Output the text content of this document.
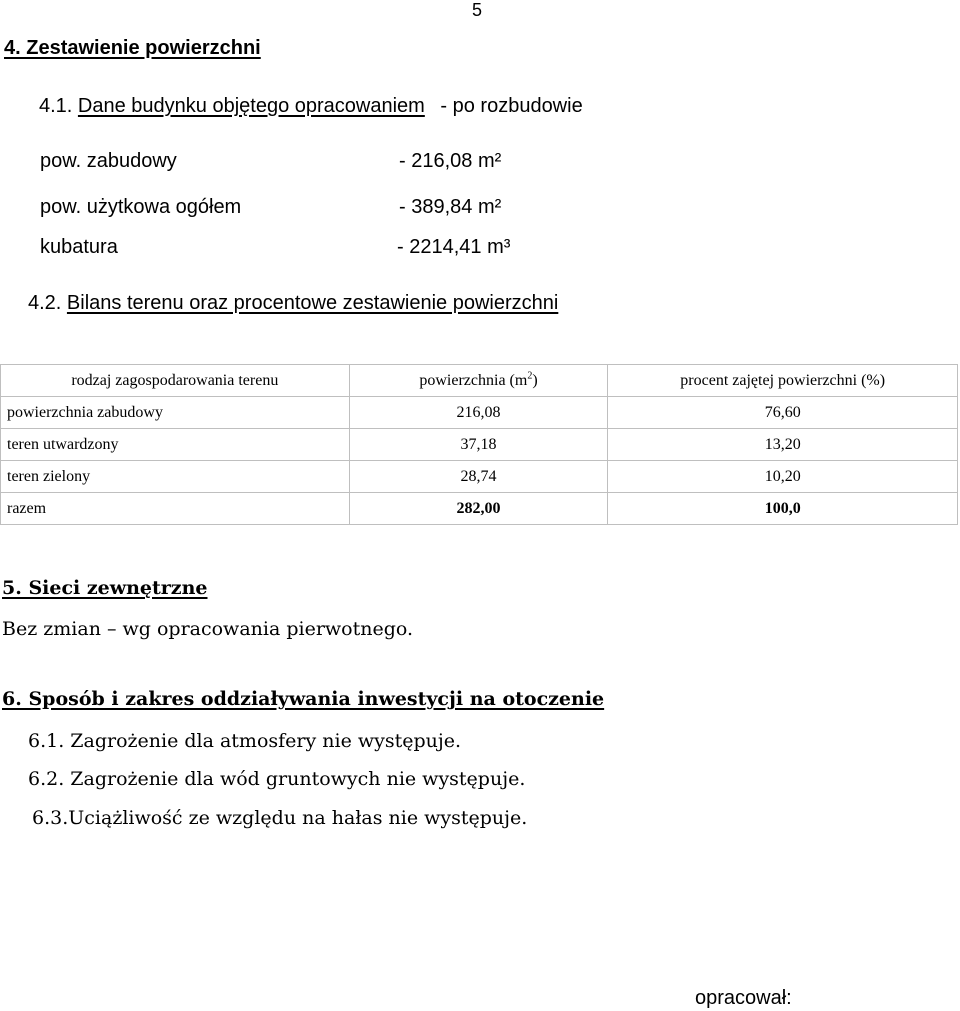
5
4. Zestawienie powierzchni
4.1. Dane budynku objętego opracowaniem - po rozbudowie
pow. zabudowy	- 216,08 m²
pow. użytkowa ogółem	- 389,84 m²
kubatura	- 2214,41 m³
4.2. Bilans terenu oraz procentowe zestawienie powierzchni
rodzaj zagospodarowania terenu	powierzchnia $(m^2)$	procent zajętej powierzchni (%)
powierzchnia zabudowy	216,08	76,60
teren utwardzony	37,18	13,20
teren zielony	28,74	10,20
razem	282,00	100,0
5. Sieci zewnętrzne
Bez zmian – wg opracowania pierwotnego.
6. Sposób i zakres oddziaływania inwestycji na otoczenie
6.1. Zagrożenie dla atmosfery nie występuje.
6.2. Zagrożenie dla wód gruntowych nie występuje.
6.3.Uciążliwość ze względu na hałas nie występuje.
opracował:
